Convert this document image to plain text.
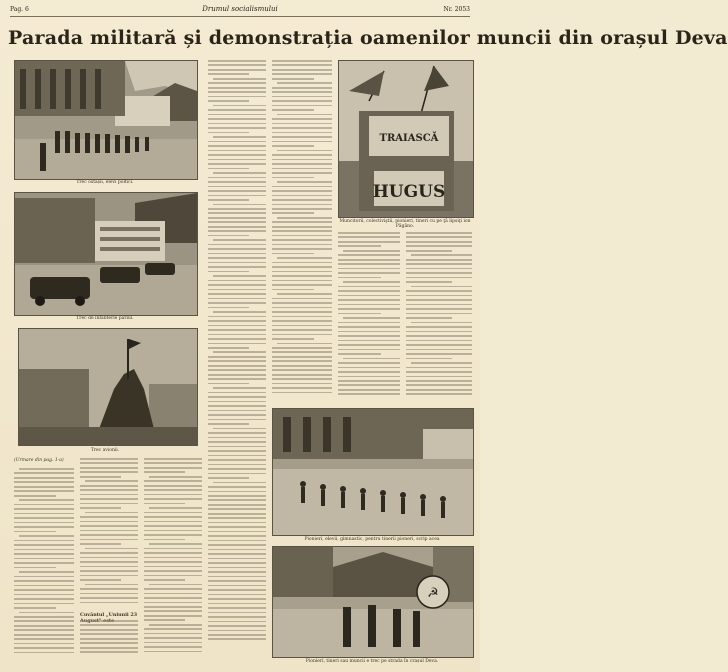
Pag. 6	Drumul socialismului	Nr. 2053
Parada militară și demonstrația oamenilor muncii din orașul Deva
Trec ostașii, elevi poltici.
Trec de infanterie pariul.
Trec avionii.
TRAIASCĂ
HUGUS
Muncitorii, colectiviştii, pionieri, tineri cu pe ţă lipsiţi ion Păgâno.
Pionieri, elevii, gimnastic, pentru tinerii pioneri, scrip acea
☭
Pionieri, tineri sau muncii e trec pe strada în crașul Deva.
(Urmare din pag. 1-a)
Cuvântul „Uniunii 23
